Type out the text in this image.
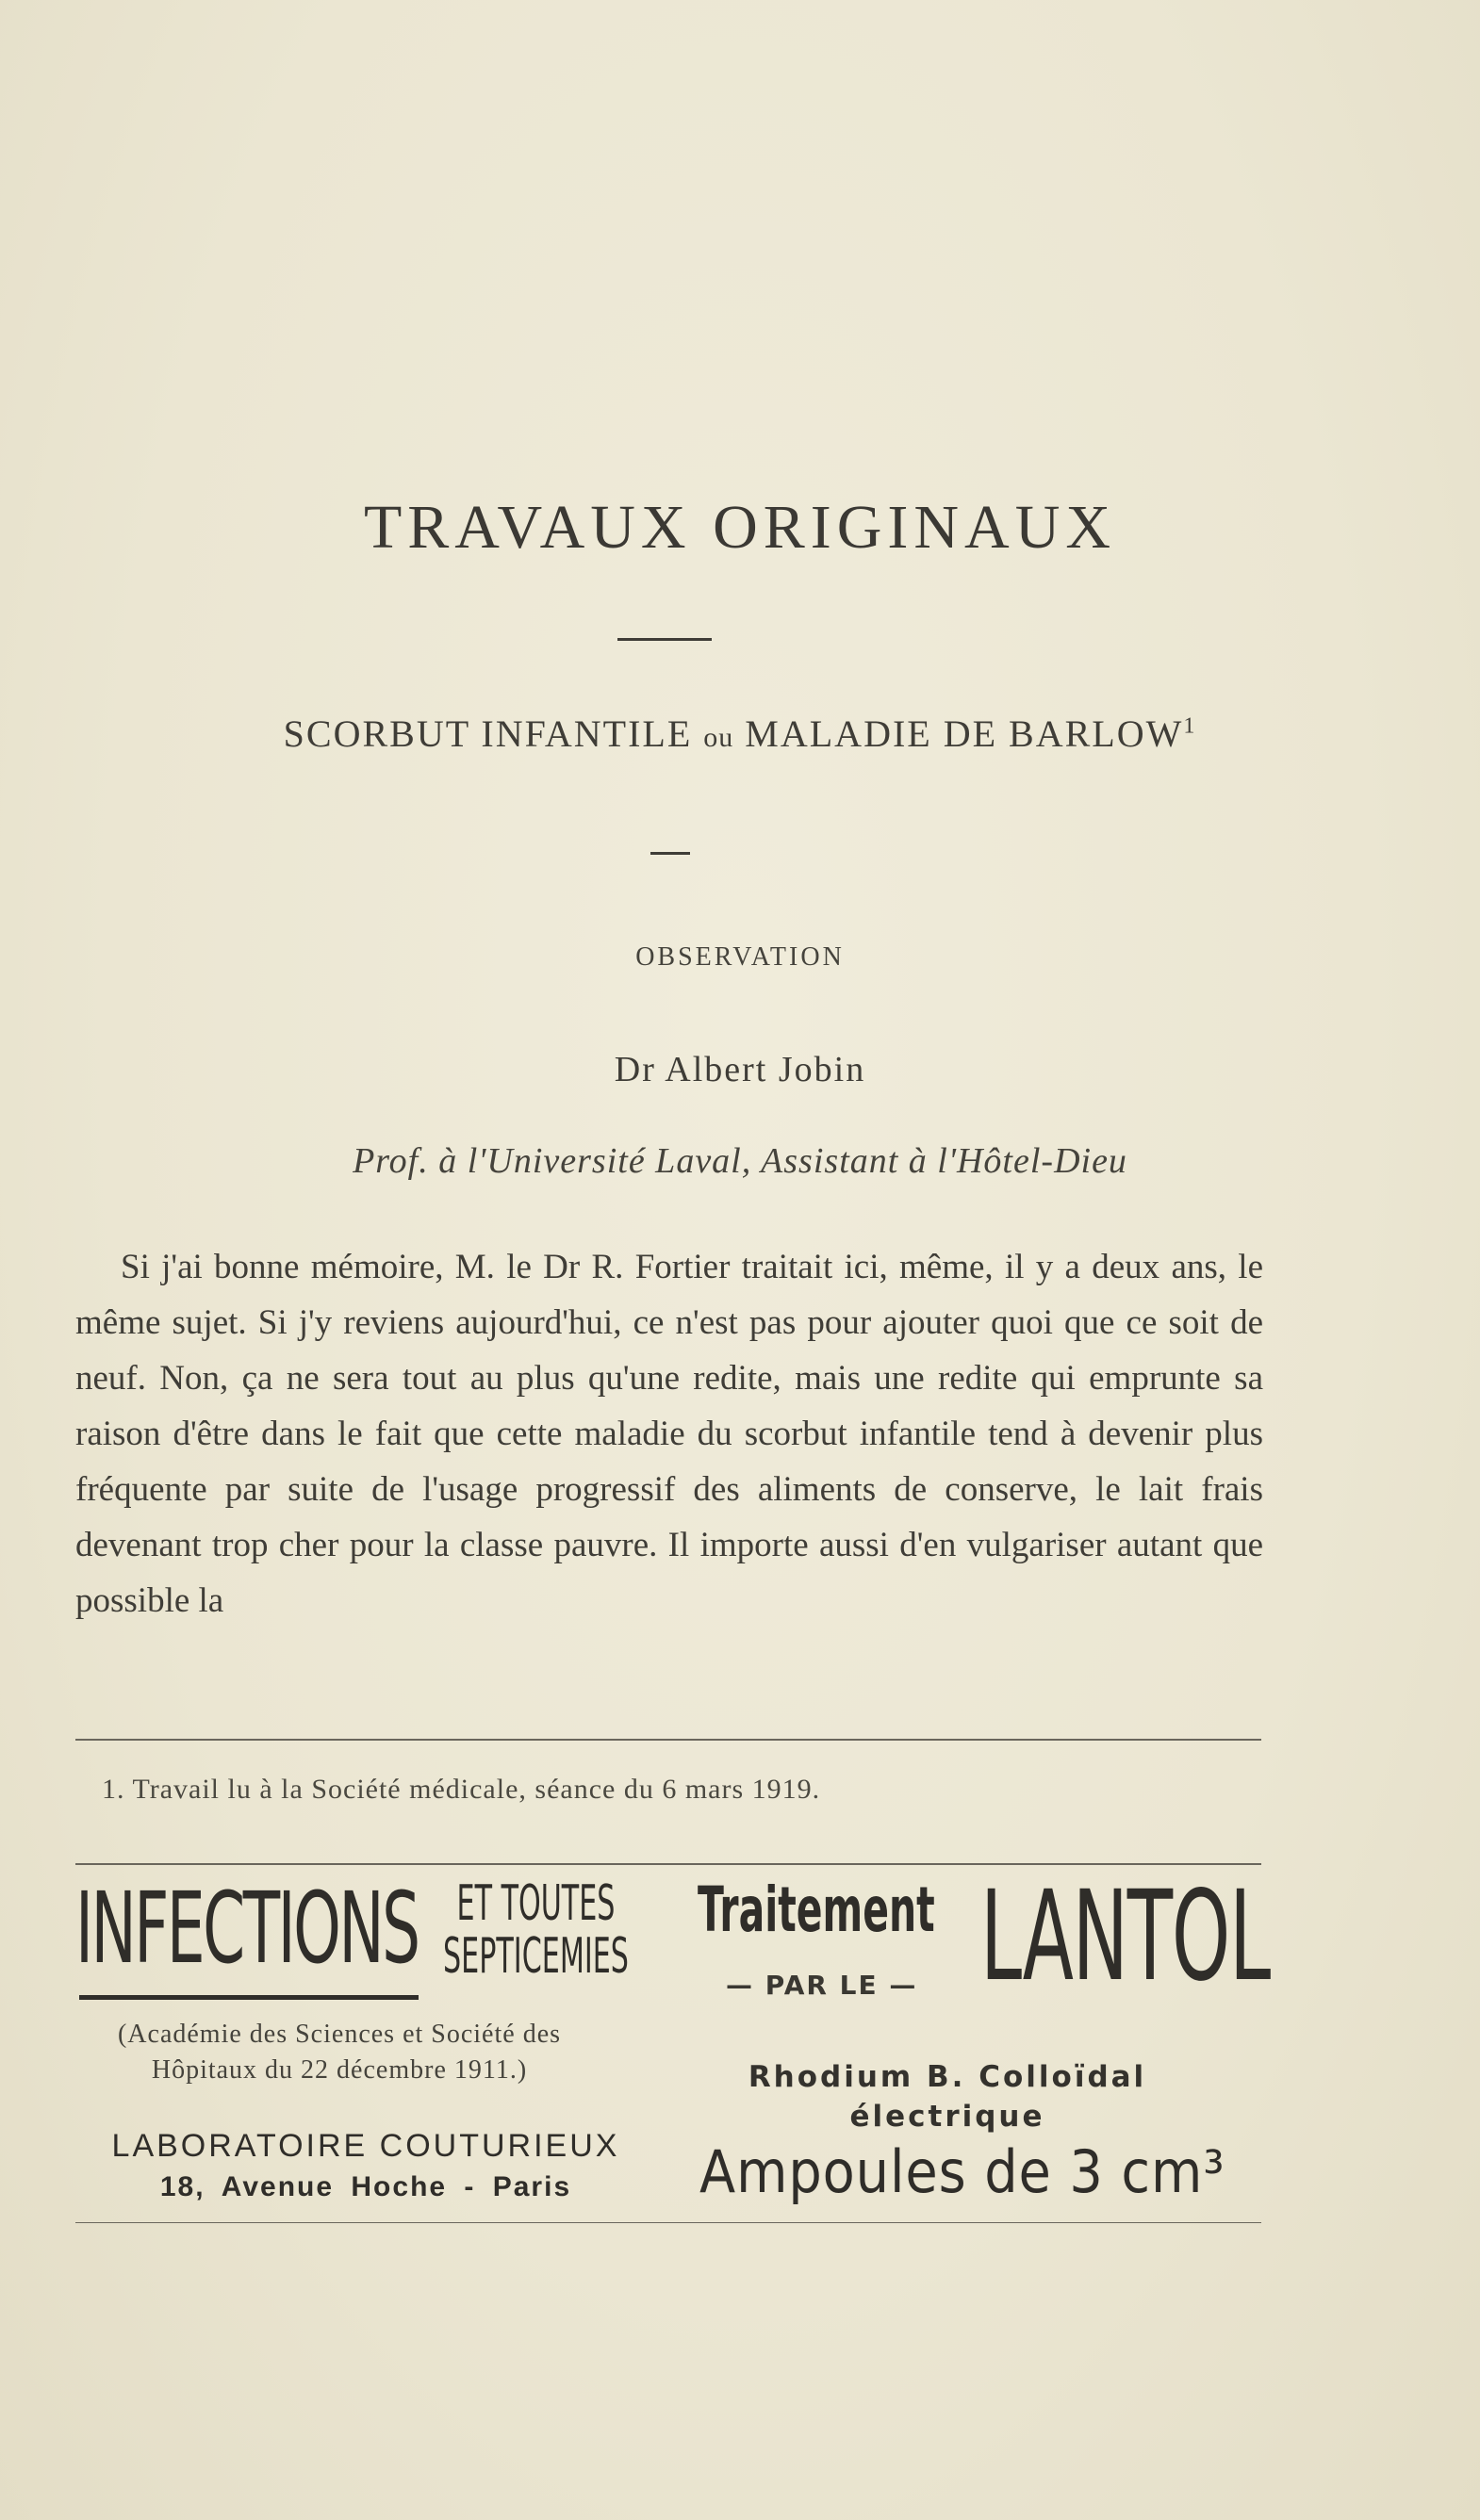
TRAVAUX ORIGINAUX
SCORBUT INFANTILE ou MALADIE DE BARLOW$^1$
OBSERVATION
Dr Albert Jobin
Prof. à l'Université Laval, Assistant à l'Hôtel-Dieu

Si j'ai bonne mémoire, M. le Dr R. Fortier traitait ici, même, il y a deux ans, le même sujet. Si j'y reviens aujourd'hui, ce n'est pas pour ajouter quoi que ce soit de neuf. Non, ça ne sera tout au plus qu'une redite, mais une redite qui emprunte sa raison d'être dans le fait que cette maladie du scorbut infantile tend à devenir plus fréquente par suite de l'usage progressif des aliments de conserve, le lait frais devenant trop cher pour la classe pauvre. Il importe aussi d'en vulgariser autant que possible la

1. Travail lu à la Société médicale, séance du 6 mars 1919.
INFECTIONS ET TOUTES
SEPTICEMIES
Traitement
— PAR LE — LANTOL
(Académie des Sciences et Société des Hôpitaux du 22 décembre 1911.)
LABORATOIRE COUTURIEUX
18, Avenue Hoche - Paris
Rhodium B. Colloïdal
électrique
Ampoules de 3 cm³
